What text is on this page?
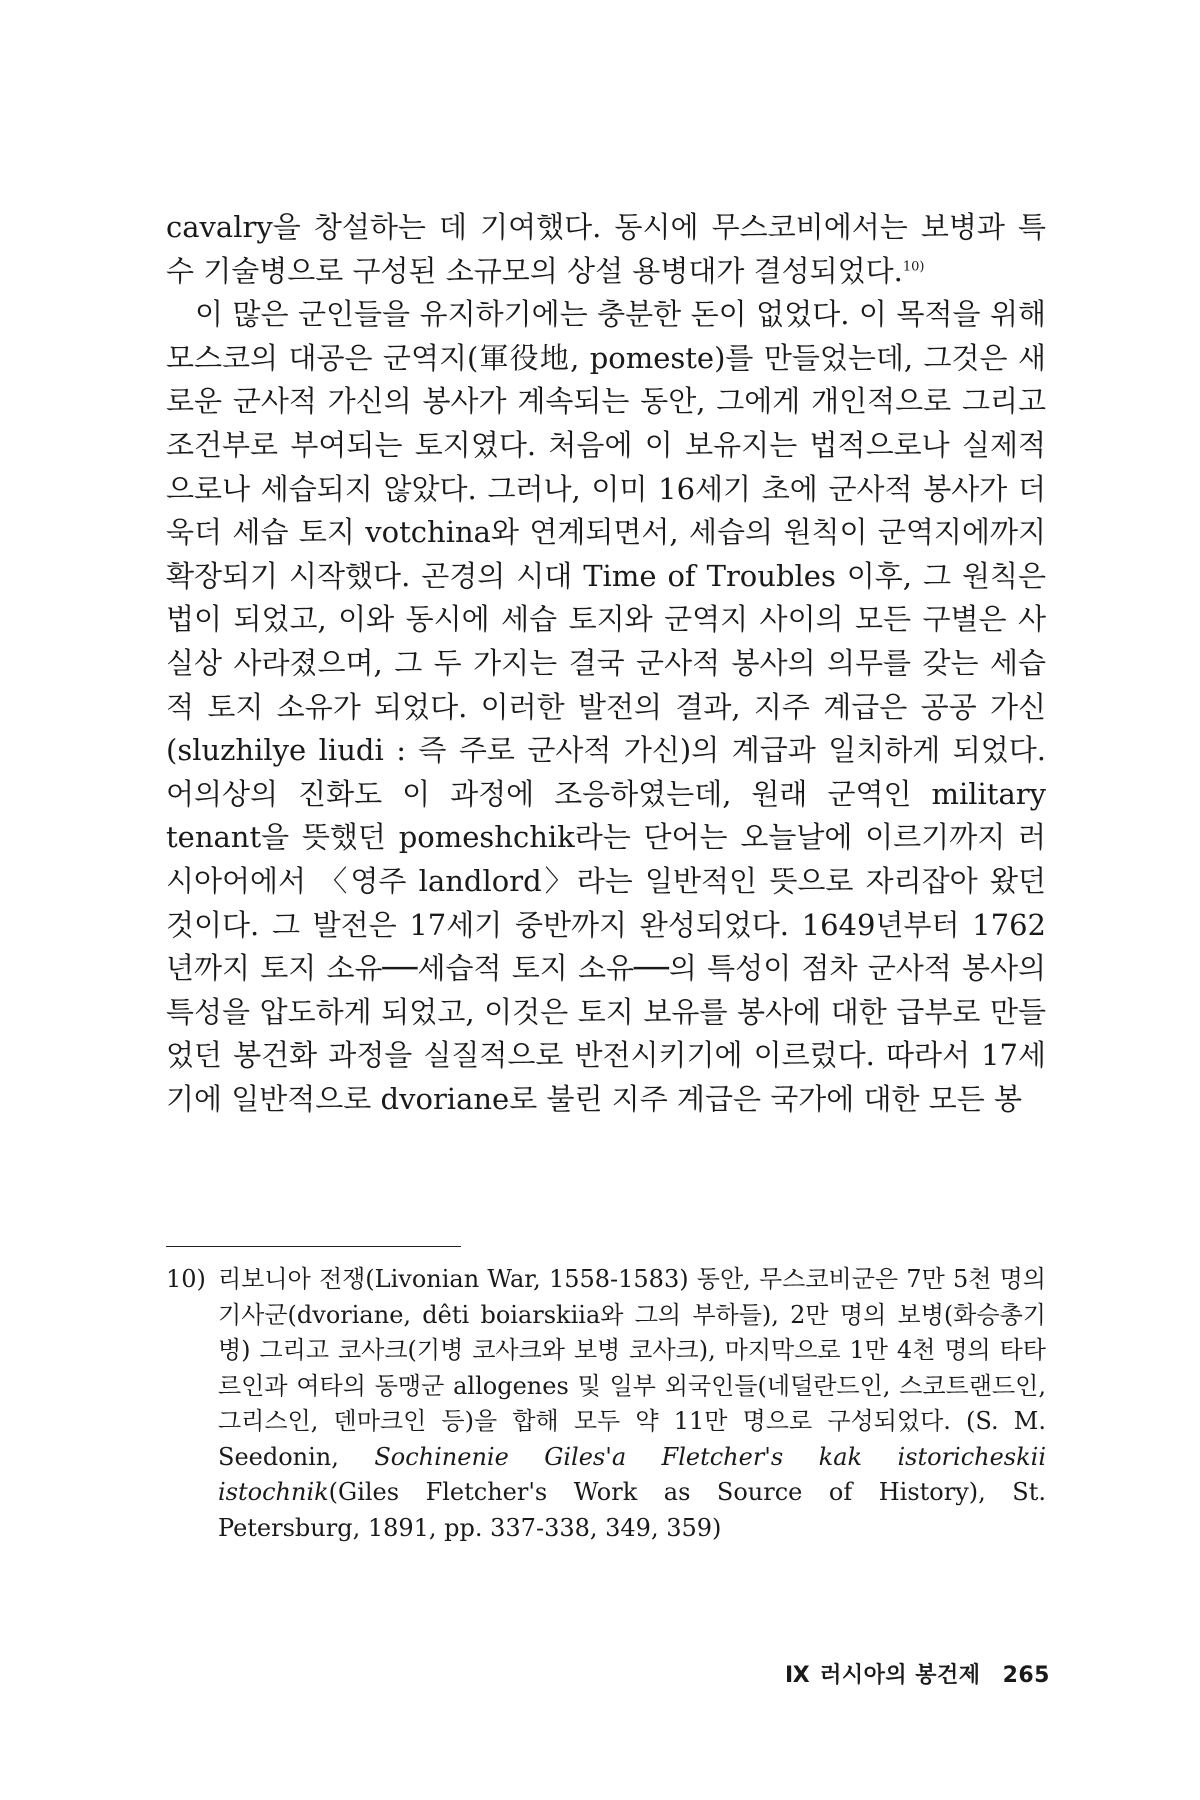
cavalry을 창설하는 데 기여했다. 동시에 무스코비에서는 보병과 특수 기술병으로 구성된 소규모의 상설 용병대가 결성되었다.$^{10)}$

이 많은 군인들을 유지하기에는 충분한 돈이 없었다. 이 목적을 위해 모스코의 대공은 군역지(軍役地, pomeste)를 만들었는데, 그것은 새로운 군사적 가신의 봉사가 계속되는 동안, 그에게 개인적으로 그리고 조건부로 부여되는 토지였다. 처음에 이 보유지는 법적으로나 실제적으로나 세습되지 않았다. 그러나, 이미 16세기 초에 군사적 봉사가 더욱더 세습 토지 votchina와 연계되면서, 세습의 원칙이 군역지에까지 확장되기 시작했다. 곤경의 시대 Time of Troubles 이후, 그 원칙은 법이 되었고, 이와 동시에 세습 토지와 군역지 사이의 모든 구별은 사실상 사라졌으며, 그 두 가지는 결국 군사적 봉사의 의무를 갖는 세습적 토지 소유가 되었다. 이러한 발전의 결과, 지주 계급은 공공 가신(sluzhilye liudi : 즉 주로 군사적 가신)의 계급과 일치하게 되었다. 어의상의 진화도 이 과정에 조응하였는데, 원래 군역인 military tenant을 뜻했던 pomeshchik라는 단어는 오늘날에 이르기까지 러시아어에서 〈영주 landlord〉라는 일반적인 뜻으로 자리잡아 왔던 것이다. 그 발전은 17세기 중반까지 완성되었다. 1649년부터 1762년까지 토지 소유──세습적 토지 소유──의 특성이 점차 군사적 봉사의 특성을 압도하게 되었고, 이것은 토지 보유를 봉사에 대한 급부로 만들었던 봉건화 과정을 실질적으로 반전시키기에 이르렀다. 따라서 17세기에 일반적으로 dvoriane로 불린 지주 계급은 국가에 대한 모든 봉

10) 리보니아 전쟁(Livonian War, 1558-1583) 동안, 무스코비군은 7만 5천 명의 기사군(dvoriane, dêti boiarskiia와 그의 부하들), 2만 명의 보병(화승총기병) 그리고 코사크(기병 코사크와 보병 코사크), 마지막으로 1만 4천 명의 타타르인과 여타의 동맹군 allogenes 및 일부 외국인들(네덜란드인, 스코트랜드인, 그리스인, 덴마크인 등)을 합해 모두 약 11만 명으로 구성되었다. (S. M. Seedonin, Sochinenie Giles'a Fletcher's kak istoricheskii istochnik(Giles Fletcher's Work as Source of History), St. Petersburg, 1891, pp. 337-338, 349, 359)
Ⅸ 러시아의 봉건제 265
